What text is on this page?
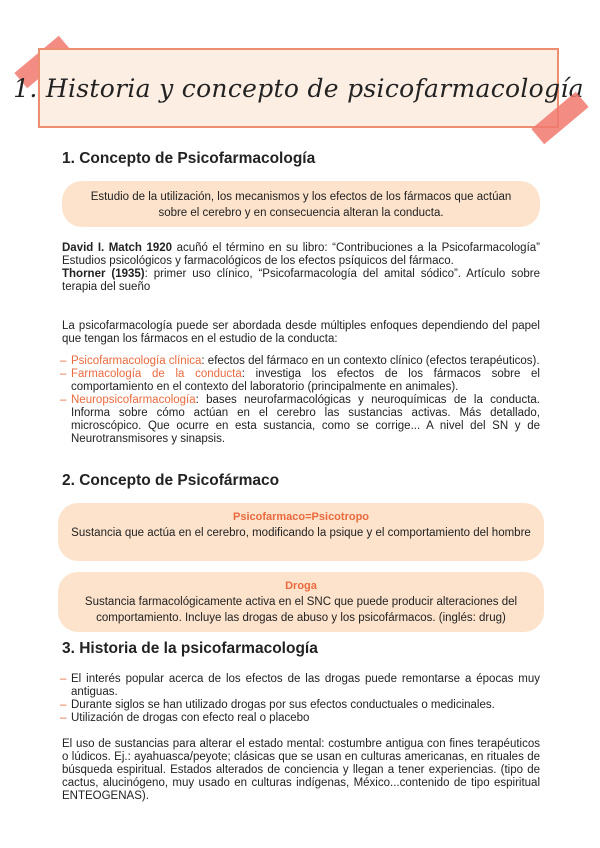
1. Historia y concepto de psicofarmacología
1. Concepto de Psicofarmacología
Estudio de la utilización, los mecanismos y los efectos de los fármacos que actúan sobre el cerebro y en consecuencia alteran la conducta.
David I. Match 1920 acuñó el término en su libro: “Contribuciones a la Psicofarmacología” Estudios psicológicos y farmacológicos de los efectos psíquicos del fármaco.
Thorner (1935): primer uso clínico, “Psicofarmacología del amital sódico”. Artículo sobre terapia del sueño
La psicofarmacología puede ser abordada desde múltiples enfoques dependiendo del papel que tengan los fármacos en el estudio de la conducta:
– Psicofarmacología clínica: efectos del fármaco en un contexto clínico (efectos terapéuticos).
– Farmacología de la conducta: investiga los efectos de los fármacos sobre el comportamiento en el contexto del laboratorio (principalmente en animales).
– Neuropsicofarmacología: bases neurofarmacológicas y neuroquímicas de la conducta. Informa sobre cómo actúan en el cerebro las sustancias activas. Más detallado, microscópico. Que ocurre en esta sustancia, como se corrige... A nivel del SN y de Neurotransmisores y sinapsis.
2. Concepto de Psicofármaco
Psicofarmaco=Psicotropo
Sustancia que actúa en el cerebro, modificando la psique y el comportamiento del hombre
Droga
Sustancia farmacológicamente activa en el SNC que puede producir alteraciones del comportamiento. Incluye las drogas de abuso y los psicofármacos. (inglés: drug)
3. Historia de la psicofarmacología
– El interés popular acerca de los efectos de las drogas puede remontarse a épocas muy antiguas.
– Durante siglos se han utilizado drogas por sus efectos conductuales o medicinales.
– Utilización de drogas con efecto real o placebo
El uso de sustancias para alterar el estado mental: costumbre antigua con fines terapéuticos o lúdicos. Ej.: ayahuasca/peyote; clásicas que se usan en culturas americanas, en rituales de búsqueda espiritual. Estados alterados de conciencia y llegan a tener experiencias. (tipo de cactus, alucinógeno, muy usado en culturas indígenas, México...contenido de tipo espiritual ENTEOGENAS).
